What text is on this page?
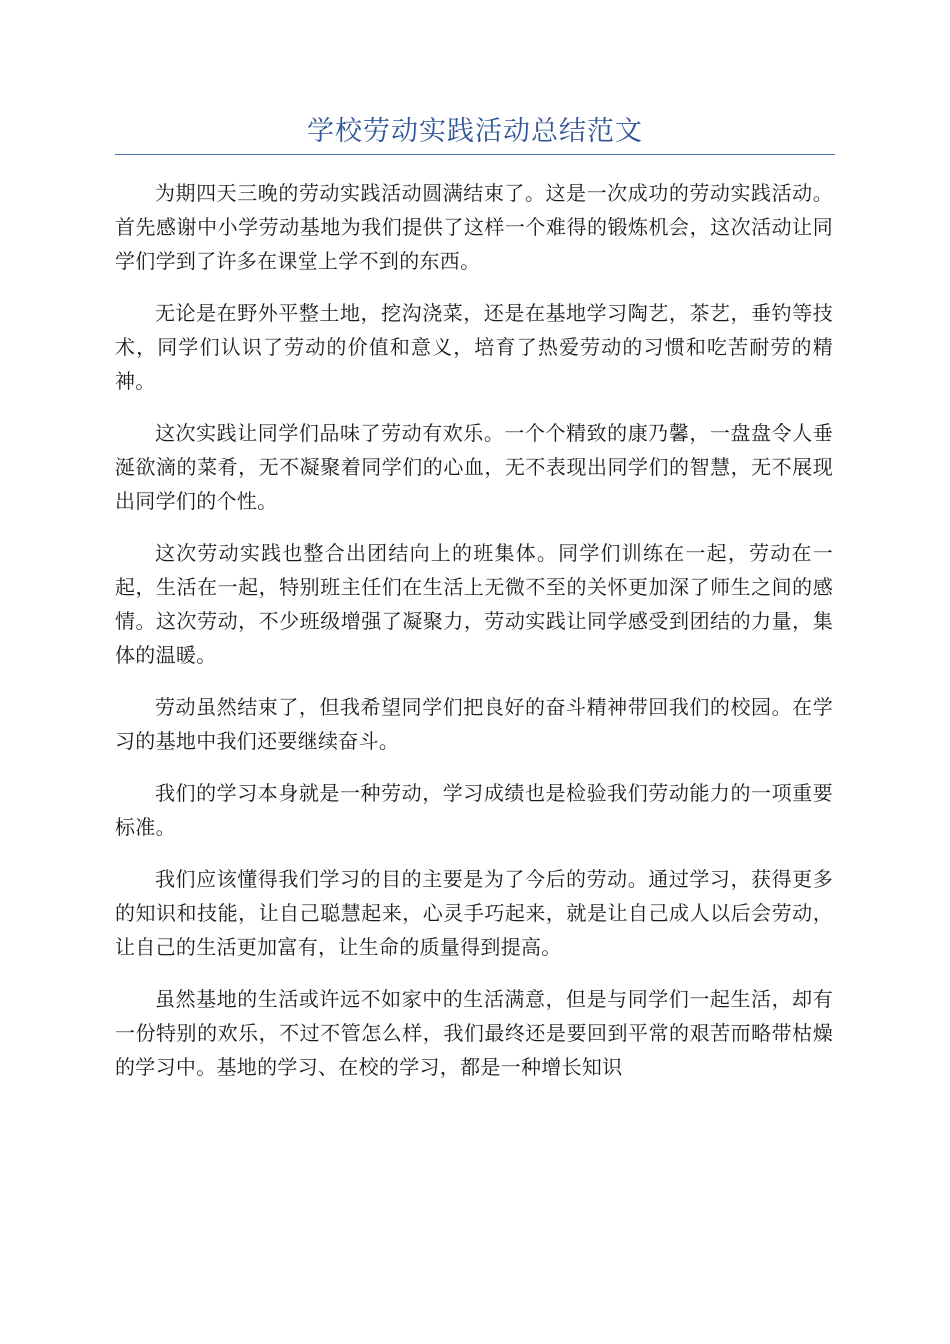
学校劳动实践活动总结范文

为期四天三晚的劳动实践活动圆满结束了。这是一次成功的劳动实践活动。首先感谢中小学劳动基地为我们提供了这样一个难得的锻炼机会，这次活动让同学们学到了许多在课堂上学不到的东西。

无论是在野外平整土地，挖沟浇菜，还是在基地学习陶艺，茶艺，垂钓等技术，同学们认识了劳动的价值和意义，培育了热爱劳动的习惯和吃苦耐劳的精神。

这次实践让同学们品味了劳动有欢乐。一个个精致的康乃馨，一盘盘令人垂涎欲滴的菜肴，无不凝聚着同学们的心血，无不表现出同学们的智慧，无不展现出同学们的个性。

这次劳动实践也整合出团结向上的班集体。同学们训练在一起，劳动在一起，生活在一起，特别班主任们在生活上无微不至的关怀更加深了师生之间的感情。这次劳动，不少班级增强了凝聚力，劳动实践让同学感受到团结的力量，集体的温暖。

劳动虽然结束了，但我希望同学们把良好的奋斗精神带回我们的校园。在学习的基地中我们还要继续奋斗。

我们的学习本身就是一种劳动，学习成绩也是检验我们劳动能力的一项重要标准。

我们应该懂得我们学习的目的主要是为了今后的劳动。通过学习，获得更多的知识和技能，让自己聪慧起来，心灵手巧起来，就是让自己成人以后会劳动，让自己的生活更加富有，让生命的质量得到提高。

虽然基地的生活或许远不如家中的生活满意，但是与同学们一起生活，却有一份特别的欢乐，不过不管怎么样，我们最终还是要回到平常的艰苦而略带枯燥的学习中。基地的学习、在校的学习，都是一种增长知识
